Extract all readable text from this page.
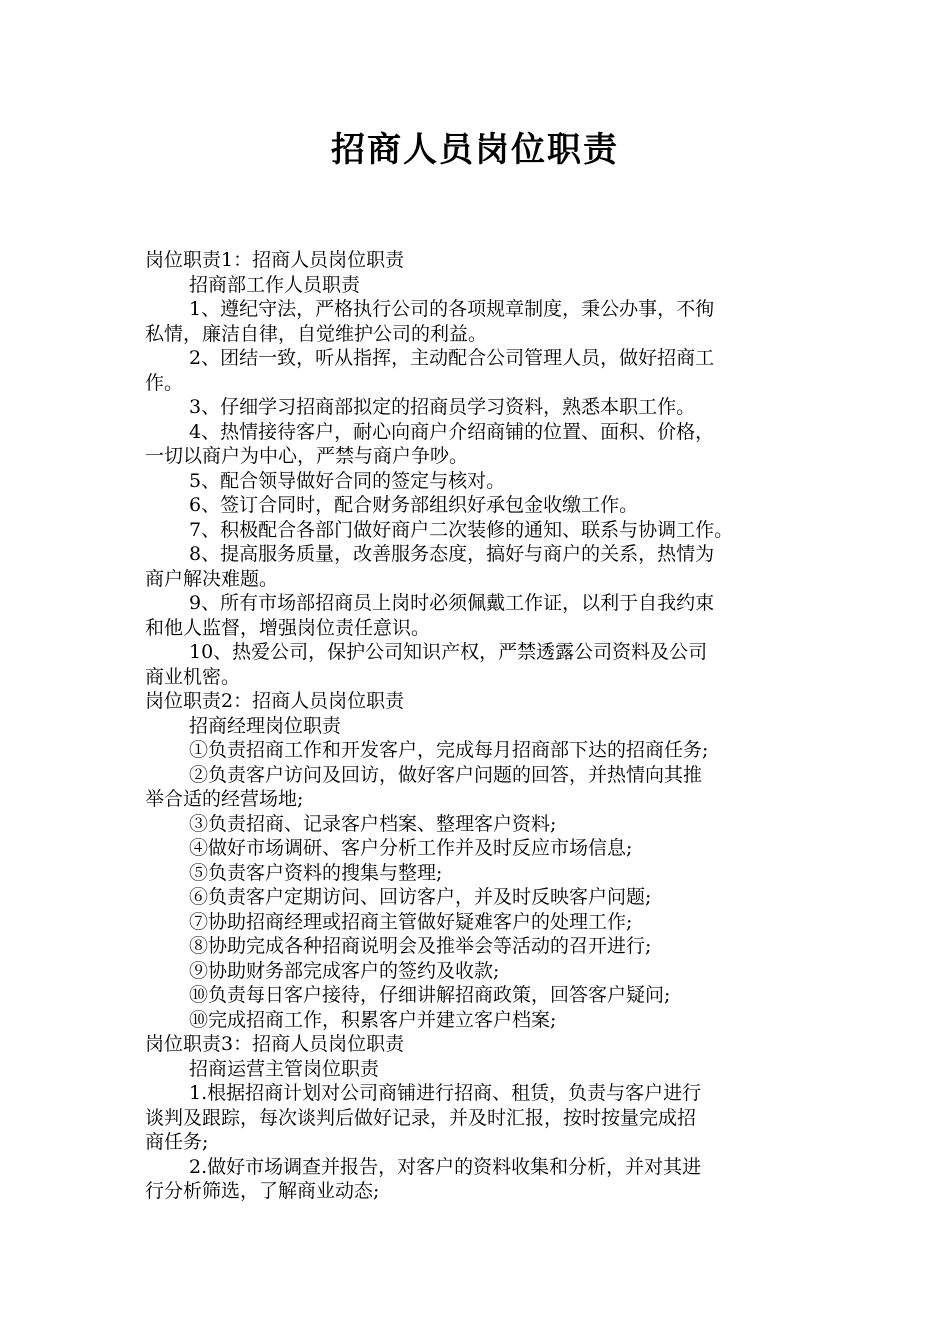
招商人员岗位职责

岗位职责1：招商人员岗位职责

招商部工作人员职责

1、遵纪守法，严格执行公司的各项规章制度，秉公办事，不徇

私情，廉洁自律，自觉维护公司的利益。

2、团结一致，听从指挥，主动配合公司管理人员，做好招商工

作。

3、仔细学习招商部拟定的招商员学习资料，熟悉本职工作。

4、热情接待客户，耐心向商户介绍商铺的位置、面积、价格，

一切以商户为中心，严禁与商户争吵。

5、配合领导做好合同的签定与核对。

6、签订合同时，配合财务部组织好承包金收缴工作。

7、积极配合各部门做好商户二次装修的通知、联系与协调工作。

8、提高服务质量，改善服务态度，搞好与商户的关系，热情为

商户解决难题。

9、所有市场部招商员上岗时必须佩戴工作证，以利于自我约束

和他人监督，增强岗位责任意识。

10、热爱公司，保护公司知识产权，严禁透露公司资料及公司

商业机密。

岗位职责2：招商人员岗位职责

招商经理岗位职责

①负责招商工作和开发客户，完成每月招商部下达的招商任务;

②负责客户访问及回访，做好客户问题的回答，并热情向其推

举合适的经营场地;

③负责招商、记录客户档案、整理客户资料;

④做好市场调研、客户分析工作并及时反应市场信息;

⑤负责客户资料的搜集与整理;

⑥负责客户定期访问、回访客户，并及时反映客户问题;

⑦协助招商经理或招商主管做好疑难客户的处理工作;

⑧协助完成各种招商说明会及推举会等活动的召开进行;

⑨协助财务部完成客户的签约及收款;

⑩负责每日客户接待，仔细讲解招商政策，回答客户疑问;

⑩完成招商工作，积累客户并建立客户档案;

岗位职责3：招商人员岗位职责

招商运营主管岗位职责

1.根据招商计划对公司商铺进行招商、租赁，负责与客户进行

谈判及跟踪，每次谈判后做好记录，并及时汇报，按时按量完成招

商任务;

2.做好市场调查并报告，对客户的资料收集和分析，并对其进

行分析筛选，了解商业动态;
